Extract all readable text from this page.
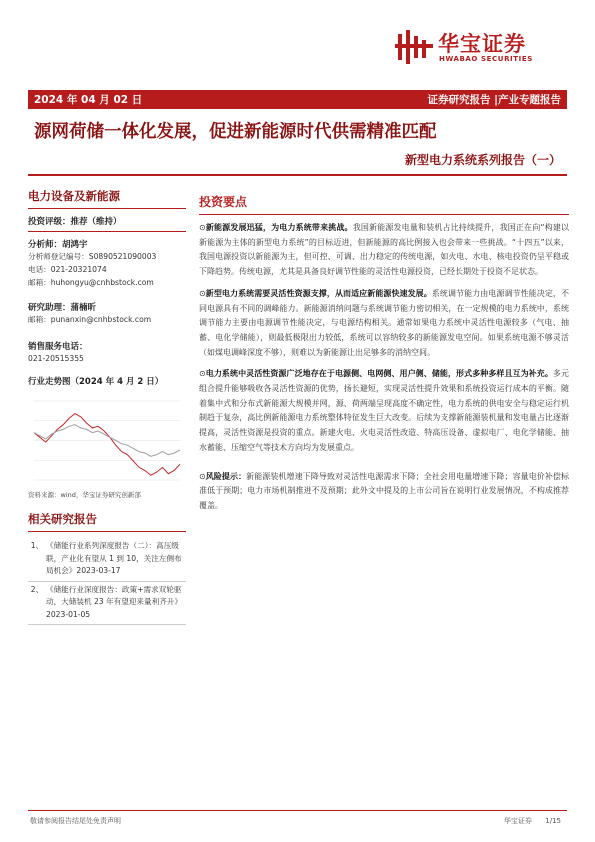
华宝证券
HWABAO SECURITIES
2024 年 04 月 02 日	证券研究报告 |产业专题报告
源网荷储一体化发展，促进新能源时代供需精准匹配
新型电力系统系列报告（一）
电力设备及新能源
投资评级：推荐（维持）
分析师：胡鸿宇
分析师登记编号：S0890521090003
电话：021-20321074
邮箱：huhongyu@cnhbstock.com
研究助理：蒲楠昕
邮箱：punanxin@cnhbstock.com
销售服务电话：
021-20515355
行业走势图（2024 年 4 月 2 日）
资料来源：wind，华宝证券研究创新部
相关研究报告
1、 《储能行业系列深度报告（二）：高压级联，产业化有望从 1 到 10，关注左侧布局机会》2023-03-17
2、 《储能行业深度报告：政策+需求双轮驱动，大储装机 23 年有望迎来量利齐升》2023-01-05
投资要点
⊙新能源发展迅猛，为电力系统带来挑战。我国新能源发电量和装机占比持续提升，我国正在向“构建以新能源为主体的新型电力系统”的目标迈进，但新能源的高比例接入也会带来一些挑战。“十四五”以来，我国电源投资以新能源为主，但可控、可调、出力稳定的传统电源，如火电、水电、核电投资仍呈平稳或下降趋势。传统电源，尤其是具备良好调节性能的灵活性电源投资，已经长期处于投资不足状态。
⊙新型电力系统需要灵活性资源支撑，从而适应新能源快速发展。系统调节能力由电源调节性能决定，不同电源具有不同的调峰能力。新能源消纳问题与系统调节能力密切相关，在一定规模的电力系统中，系统调节能力主要由电源调节性能决定，与电源结构相关。通常如果电力系统中灵活性电源较多（气电、抽蓄、电化学储能），则最低极限出力较低，系统可以容纳较多的新能源发电空间。如果系统电源不够灵活（如煤电调峰深度不够），则难以为新能源让出足够多的消纳空间。
⊙电力系统中灵活性资源广泛地存在于电源侧、电网侧、用户侧、储能，形式多种多样且互为补充。多元组合提升能够吸收各灵活性资源的优势，扬长避短，实现灵活性提升效果和系统投资运行成本的平衡。随着集中式和分布式新能源大规模并网，源、荷两端呈现高度不确定性，电力系统的供电安全与稳定运行机制趋于复杂，高比例新能源电力系统整体特征发生巨大改变。后续为支撑新能源装机量和发电量占比逐渐提高，灵活性资源是投资的重点。新建火电、火电灵活性改造、特高压设备、虚拟电厂、电化学储能、抽水蓄能、压缩空气等技术方向均为发展重点。
⊙风险提示：新能源装机增速下降导致对灵活性电源需求下降；全社会用电量增速下降；容量电价补偿标准低于预期；电力市场机制推进不及预期；此外文中提及的上市公司旨在说明行业发展情况，不构成推荐覆盖。
敬请参阅报告结尾处免责声明	华宝证券 1/15
